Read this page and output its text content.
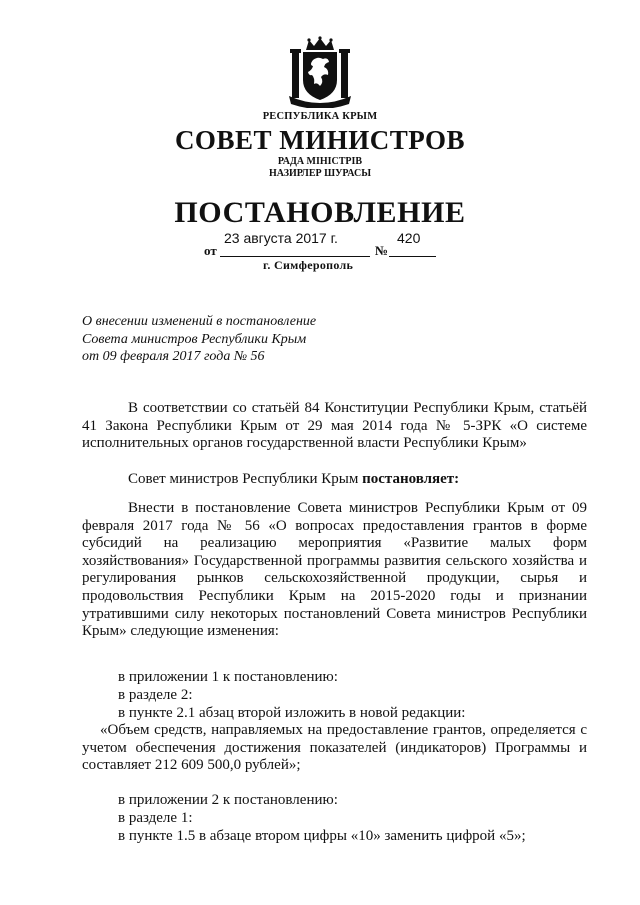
РЕСПУБЛИКА КРЫМ
СОВЕТ МИНИСТРОВ
РАДА МІНІСТРІВ
НАЗИРЛЕР ШУРАСЫ
ПОСТАНОВЛЕНИЕ
от
23 августа 2017 г.
№
420
г. Симферополь
О внесении изменений в постановление
Совета министров Республики Крым
от 09 февраля 2017 года № 56
В соответствии со статьёй 84 Конституции Республики Крым, статьёй 41 Закона Республики Крым от 29 мая 2014 года № 5-ЗРК «О системе исполнительных органов государственной власти Республики Крым»
Совет министров Республики Крым постановляет:
Внести в постановление Совета министров Республики Крым от 09 февраля 2017 года № 56 «О вопросах предоставления грантов в форме субсидий на реализацию мероприятия «Развитие малых форм хозяйствования» Государственной программы развития сельского хозяйства и регулирования рынков сельскохозяйственной продукции, сырья и продовольствия Республики Крым на 2015-2020 годы и признании утратившими силу некоторых постановлений Совета министров Республики Крым» следующие изменения:
в приложении 1 к постановлению:
в разделе 2:
в пункте 2.1 абзац второй изложить в новой редакции:
«Объем средств, направляемых на предоставление грантов, определяется с учетом обеспечения достижения показателей (индикаторов) Программы и составляет 212 609 500,0 рублей»;
в приложении 2 к постановлению:
в разделе 1:
в пункте 1.5 в абзаце втором цифры «10» заменить цифрой «5»;
